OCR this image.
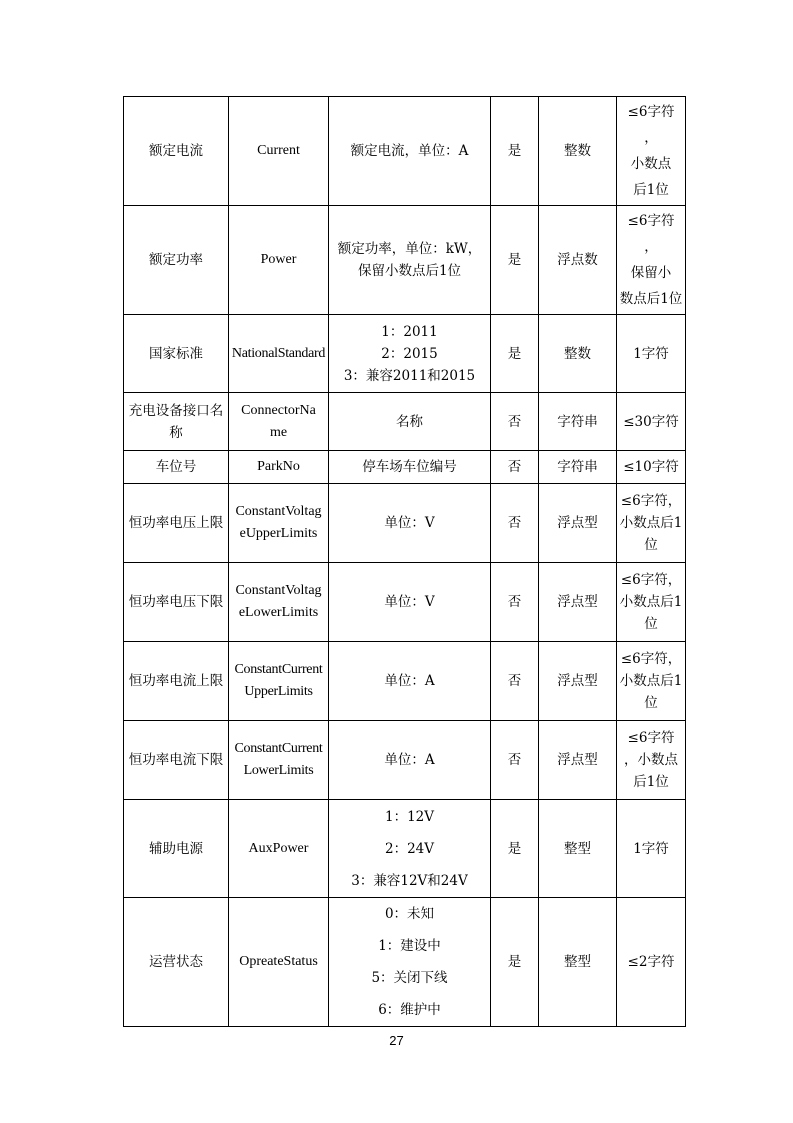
额定电流	Current	额定电流，单位：A	是	整数	≤6字符
，
小数点
后1位

额定功率	Power	额定功率，单位：kW，
保留小数点后1位	是	浮点数	≤6字符
，
保留小
数点后1位

国家标准	NationalStandard	1：2011
2：2015
3：兼容2011和2015	是	整数	1字符

充电设备接口名
称	ConnectorNa
me	名称	否	字符串	≤30字符

车位号	ParkNo	停车场车位编号	否	字符串	≤10字符

恒功率电压上限	ConstantVoltag
eUpperLimits	单位：V	否	浮点型	≤6字符，
小数点后1
位

恒功率电压下限	ConstantVoltag
eLowerLimits	单位：V	否	浮点型	≤6字符，
小数点后1
位

恒功率电流上限	ConstantCurrent
UpperLimits	单位：A	否	浮点型	≤6字符，
小数点后1
位

恒功率电流下限	ConstantCurrent
LowerLimits	单位：A	否	浮点型	≤6字符
，小数点
后1位

辅助电源	AuxPower	1：12V
2：24V
3：兼容12V和24V	是	整型	1字符

运营状态	OpreateStatus	0：未知
1：建设中
5：关闭下线
6：维护中	是	整型	≤2字符
27
